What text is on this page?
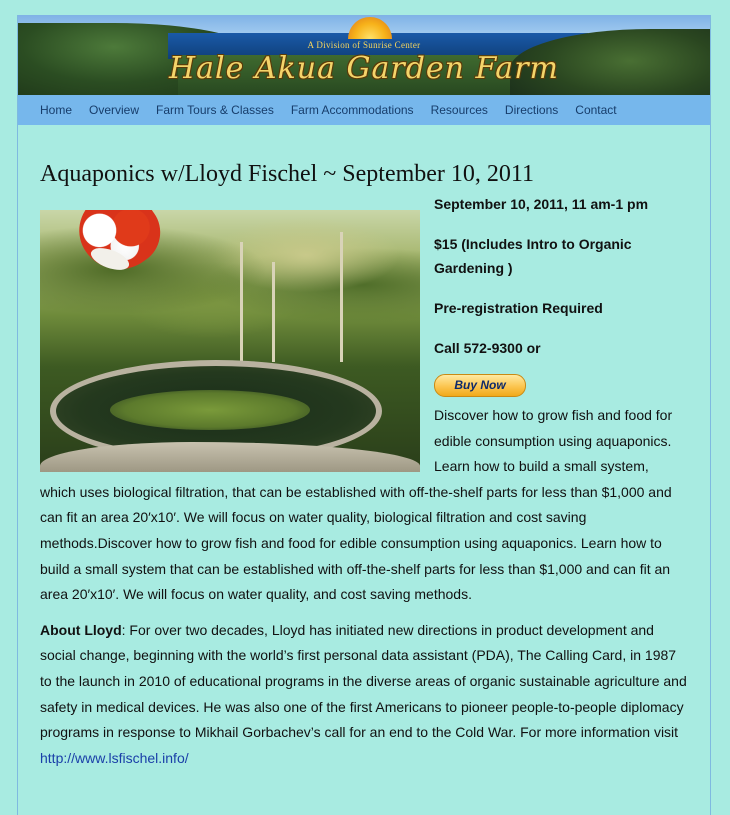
A Division of Sunrise Center
Hale Akua Garden Farm
Home Overview Farm Tours & Classes Farm Accommodations Resources Directions Contact
Aquaponics w/Lloyd Fischel ~ September 10, 2011

September 10, 2011, 11 am-1 pm

$15 (Includes Intro to Organic

Gardening )

Pre-registration Required

Call 572-9300 or

Buy Now

Discover how to grow fish and food for edible consumption using aquaponics. Learn how to build a small system, which uses biological filtration, that can be established with off-the-shelf parts for less than $1,000 and can fit an area 20′x10′. We will focus on water quality, biological filtration and cost saving methods.Discover how to grow fish and food for edible consumption using aquaponics. Learn how to build a small system that can be established with off-the-shelf parts for less than $1,000 and can fit an area 20′x10′. We will focus on water quality, and cost saving methods.

About Lloyd: For over two decades, Lloyd has initiated new directions in product development and social change, beginning with the world’s first personal data assistant (PDA), The Calling Card, in 1987 to the launch in 2010 of educational programs in the diverse areas of organic sustainable agriculture and safety in medical devices. He was also one of the first Americans to pioneer people-to-people diplomacy programs in response to Mikhail Gorbachev’s call for an end to the Cold War. For more information visit http://www.lsfischel.info/
